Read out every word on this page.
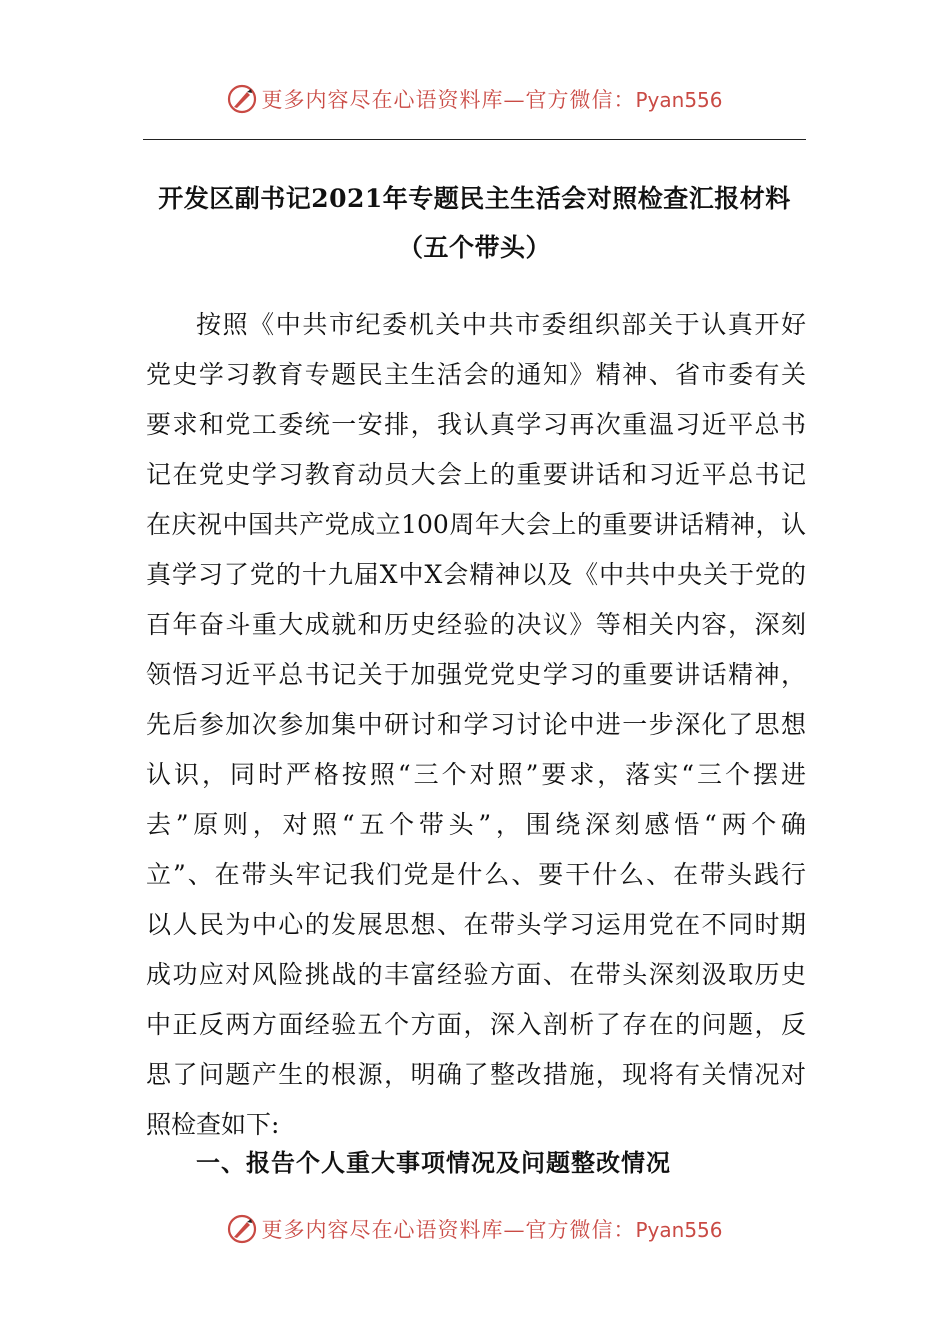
更多内容尽在心语资料库—官方微信：Pyan556
开发区副书记2021年专题民主生活会对照检查汇报材料
（五个带头）
按照《中共市纪委机关中共市委组织部关于认真开好
党史学习教育专题民主生活会的通知》精神、省市委有关
要求和党工委统一安排，我认真学习再次重温习近平总书
记在党史学习教育动员大会上的重要讲话和习近平总书记
在庆祝中国共产党成立100周年大会上的重要讲话精神，认
真学习了党的十九届X中X会精神以及《中共中央关于党的
百年奋斗重大成就和历史经验的决议》等相关内容，深刻
领悟习近平总书记关于加强党党史学习的重要讲话精神，
先后参加次参加集中研讨和学习讨论中进一步深化了思想
认识，同时严格按照“三个对照”要求，落实“三个摆进
去”原则，对照“五个带头”，围绕深刻感悟“两个确
立”、在带头牢记我们党是什么、要干什么、在带头践行
以人民为中心的发展思想、在带头学习运用党在不同时期
成功应对风险挑战的丰富经验方面、在带头深刻汲取历史
中正反两方面经验五个方面，深入剖析了存在的问题，反
思了问题产生的根源，明确了整改措施，现将有关情况对
照检查如下:
一、报告个人重大事项情况及问题整改情况
更多内容尽在心语资料库—官方微信：Pyan556
